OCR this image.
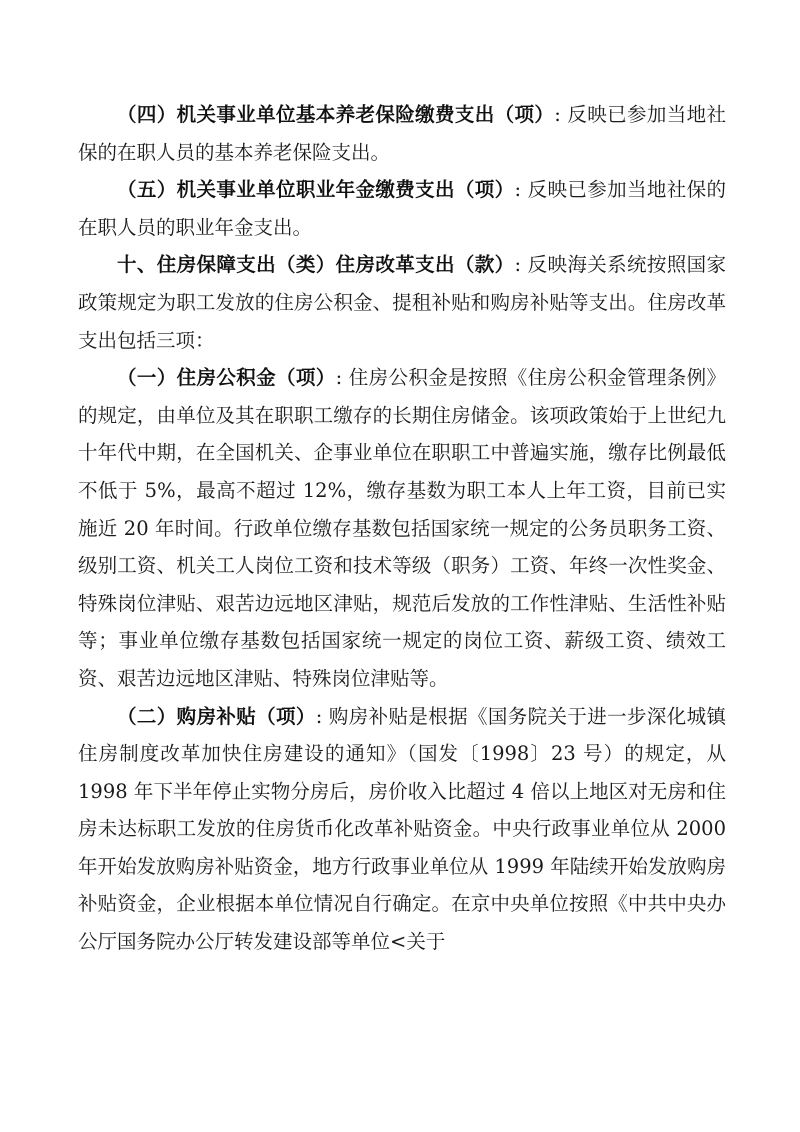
（四）机关事业单位基本养老保险缴费支出（项）: 反映已参加当地社保的在职人员的基本养老保险支出。

（五）机关事业单位职业年金缴费支出（项）: 反映已参加当地社保的在职人员的职业年金支出。

十、住房保障支出（类）住房改革支出（款）: 反映海关系统按照国家政策规定为职工发放的住房公积金、提租补贴和购房补贴等支出。住房改革支出包括三项：

（一）住房公积金（项）: 住房公积金是按照《住房公积金管理条例》的规定，由单位及其在职职工缴存的长期住房储金。该项政策始于上世纪九十年代中期，在全国机关、企事业单位在职职工中普遍实施，缴存比例最低不低于 5%，最高不超过 12%，缴存基数为职工本人上年工资，目前已实施近 20 年时间。行政单位缴存基数包括国家统一规定的公务员职务工资、级别工资、机关工人岗位工资和技术等级（职务）工资、年终一次性奖金、特殊岗位津贴、艰苦边远地区津贴，规范后发放的工作性津贴、生活性补贴等；事业单位缴存基数包括国家统一规定的岗位工资、薪级工资、绩效工资、艰苦边远地区津贴、特殊岗位津贴等。

（二）购房补贴（项）: 购房补贴是根据《国务院关于进一步深化城镇住房制度改革加快住房建设的通知》（国发〔1998〕23 号）的规定，从 1998 年下半年停止实物分房后，房价收入比超过 4 倍以上地区对无房和住房未达标职工发放的住房货币化改革补贴资金。中央行政事业单位从 2000 年开始发放购房补贴资金，地方行政事业单位从 1999 年陆续开始发放购房补贴资金，企业根据本单位情况自行确定。在京中央单位按照《中共中央办公厅国务院办公厅转发建设部等单位<关于
